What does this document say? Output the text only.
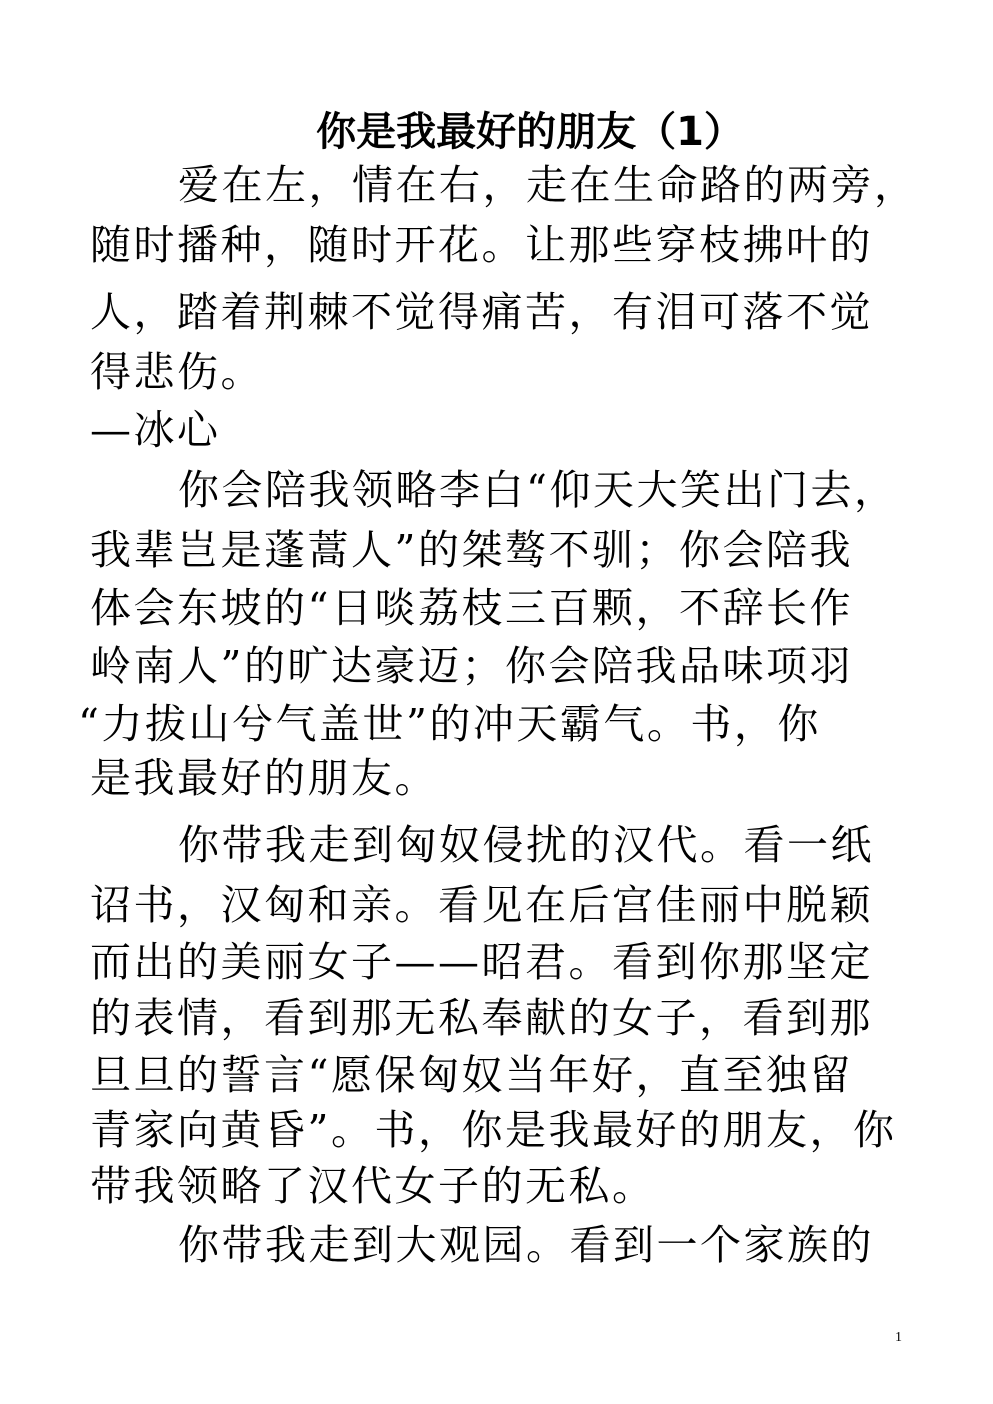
你是我最好的朋友（1）
爱在左，情在右，走在生命路的两旁，
随时播种，随时开花。让那些穿枝拂叶的
人，踏着荆棘不觉得痛苦，有泪可落不觉
得悲伤。
—冰心
你会陪我领略李白“仰天大笑出门去，
我辈岂是蓬蒿人”的桀骜不驯；你会陪我
体会东坡的“日啖荔枝三百颗，不辞长作
岭南人”的旷达豪迈；你会陪我品味项羽
“力拔山兮气盖世”的冲天霸气。书，你
是我最好的朋友。
你带我走到匈奴侵扰的汉代。看一纸
诏书，汉匈和亲。看见在后宫佳丽中脱颖
而出的美丽女子——昭君。看到你那坚定
的表情，看到那无私奉献的女子，看到那
旦旦的誓言“愿保匈奴当年好，直至独留
青家向黄昏”。书，你是我最好的朋友，你
带我领略了汉代女子的无私。
你带我走到大观园。看到一个家族的
1
